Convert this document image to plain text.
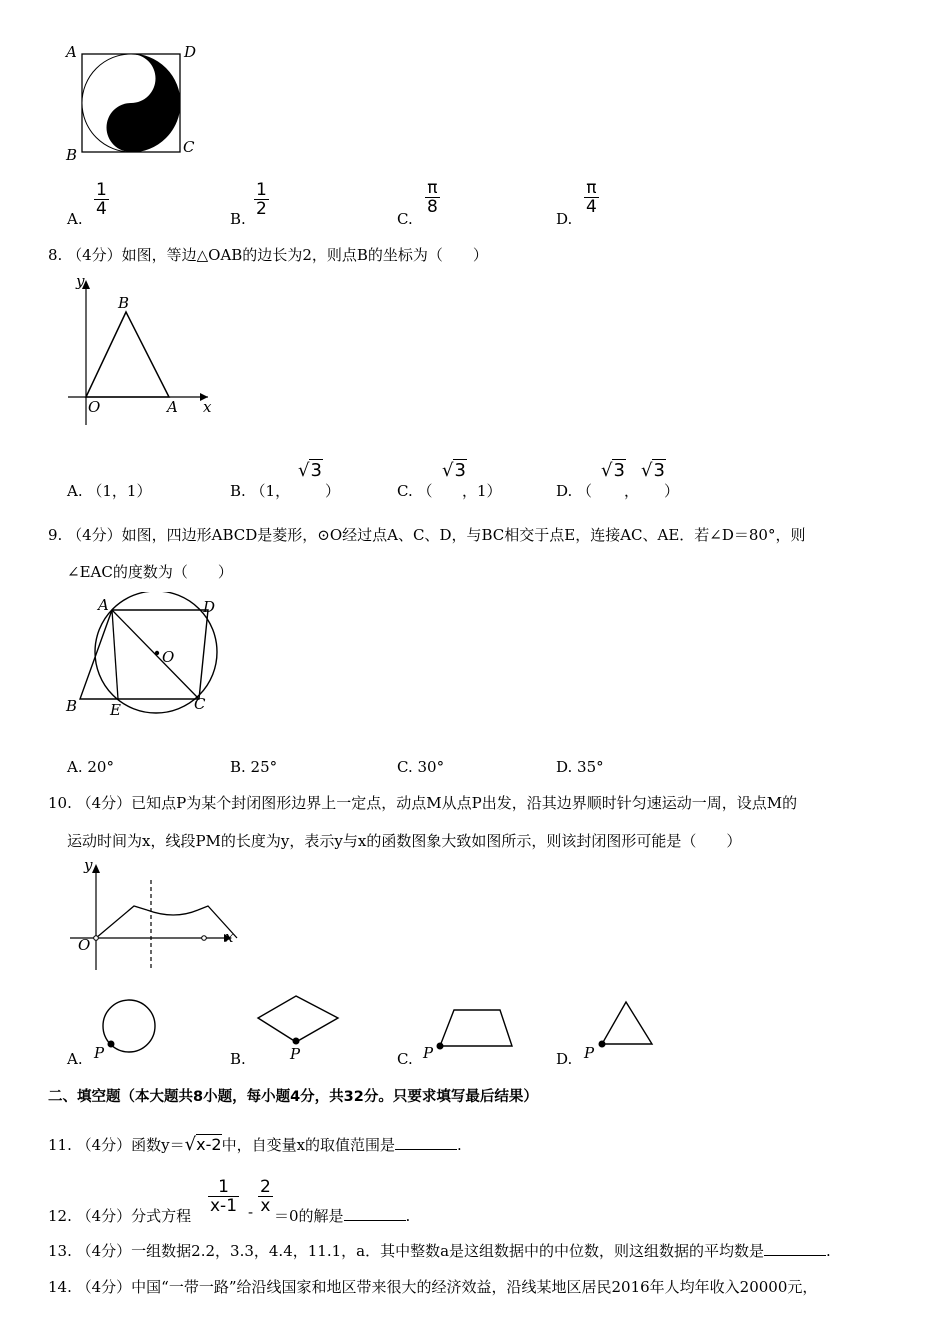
A	D
B	C
A.
$\frac{1}{4}$
B.
$\frac{1}{2}$
C.
$\frac{\pi}{8}$
D.
$\frac{\pi}{4}$
8. （4分）如图，等边△OAB的边长为2，则点B的坐标为（　　）
y
x
O	A
B
A. （1，1）	B. （1，
√3
）	C. （
√3
，1）	D. （
√3
，
√3
）
9. （4分）如图，四边形ABCD是菱形，⊙O经过点A、C、D，与BC相交于点E，连接AC、AE．若∠D＝80°，则
∠EAC的度数为（　　）
A	D
O
B E	C
A. 20°	B. 25°	C. 30°	D. 35°
10. （4分）已知点P为某个封闭图形边界上一定点，动点M从点P出发，沿其边界顺时针匀速运动一周，设点M的
运动时间为x，线段PM的长度为y，表示y与x的函数图象大致如图所示，则该封闭图形可能是（　　）
y
x
O
A. P	B.	P	C. P	D. P
二、填空题（本大题共8小题，每小题4分，共32分。只要求填写最后结果）
11. （4分）函数y＝√x-2中，自变量x的取值范围是	.
12. （4分）分式方程
$\frac{1}{x-1} - \frac{2}{x}$
＝0的解是	.
13. （4分）一组数据2.2，3.3，4.4，11.1，a．其中整数a是这组数据中的中位数，则这组数据的平均数是	.
14. （4分）中国“一带一路”给沿线国家和地区带来很大的经济效益，沿线某地区居民2016年人均年收入20000元，
